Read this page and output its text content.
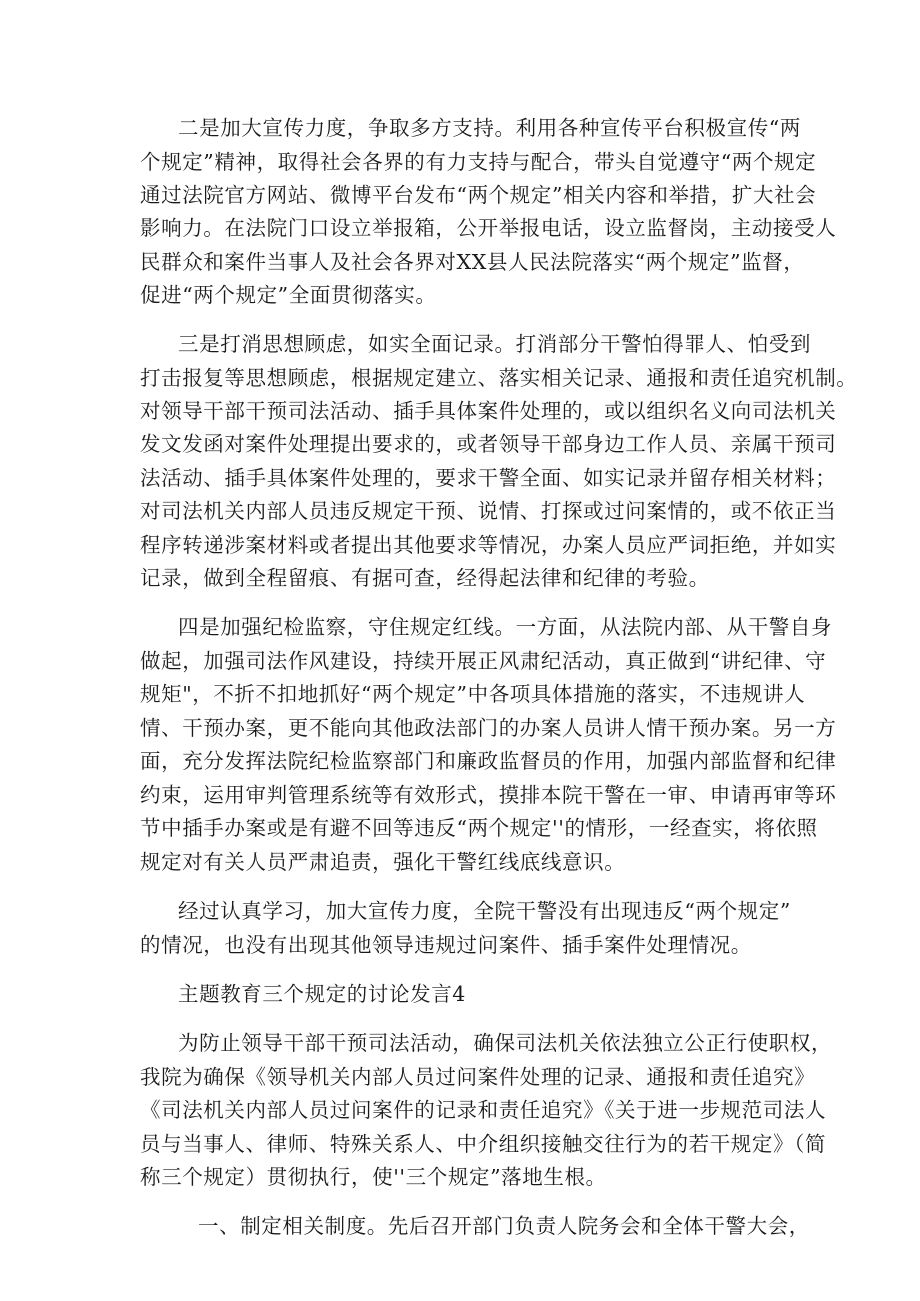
二是加大宣传力度，争取多方支持。利用各种宣传平台积极宣传“两
个规定”精神，取得社会各界的有力支持与配合，带头自觉遵守“两个规定
通过法院官方网站、微博平台发布“两个规定”相关内容和举措，扩大社会
影响力。在法院门口设立举报箱，公开举报电话，设立监督岗，主动接受人
民群众和案件当事人及社会各界对XX县人民法院落实“两个规定”监督，
促进“两个规定”全面贯彻落实。
三是打消思想顾虑，如实全面记录。打消部分干警怕得罪人、怕受到
打击报复等思想顾虑，根据规定建立、落实相关记录、通报和责任追究机制。
对领导干部干预司法活动、插手具体案件处理的，或以组织名义向司法机关
发文发函对案件处理提出要求的，或者领导干部身边工作人员、亲属干预司
法活动、插手具体案件处理的，要求干警全面、如实记录并留存相关材料；
对司法机关内部人员违反规定干预、说情、打探或过问案情的，或不依正当
程序转递涉案材料或者提出其他要求等情况，办案人员应严词拒绝，并如实
记录，做到全程留痕、有据可查，经得起法律和纪律的考验。
四是加强纪检监察，守住规定红线。一方面，从法院内部、从干警自身
做起，加强司法作风建设，持续开展正风肃纪活动，真正做到“讲纪律、守
规矩"，不折不扣地抓好“两个规定”中各项具体措施的落实，不违规讲人
情、干预办案，更不能向其他政法部门的办案人员讲人情干预办案。另一方
面，充分发挥法院纪检监察部门和廉政监督员的作用，加强内部监督和纪律
约束，运用审判管理系统等有效形式，摸排本院干警在一审、申请再审等环
节中插手办案或是有避不回等违反“两个规定''的情形，一经查实，将依照
规定对有关人员严肃追责，强化干警红线底线意识。
经过认真学习，加大宣传力度，全院干警没有出现违反“两个规定”
的情况，也没有出现其他领导违规过问案件、插手案件处理情况。
主题教育三个规定的讨论发言4
为防止领导干部干预司法活动，确保司法机关依法独立公正行使职权，
我院为确保《领导机关内部人员过问案件处理的记录、通报和责任追究》
《司法机关内部人员过问案件的记录和责任追究》《关于进一步规范司法人
员与当事人、律师、特殊关系人、中介组织接触交往行为的若干规定》（简
称三个规定）贯彻执行，使''三个规定”落地生根。
一、制定相关制度。先后召开部门负责人院务会和全体干警大会，
